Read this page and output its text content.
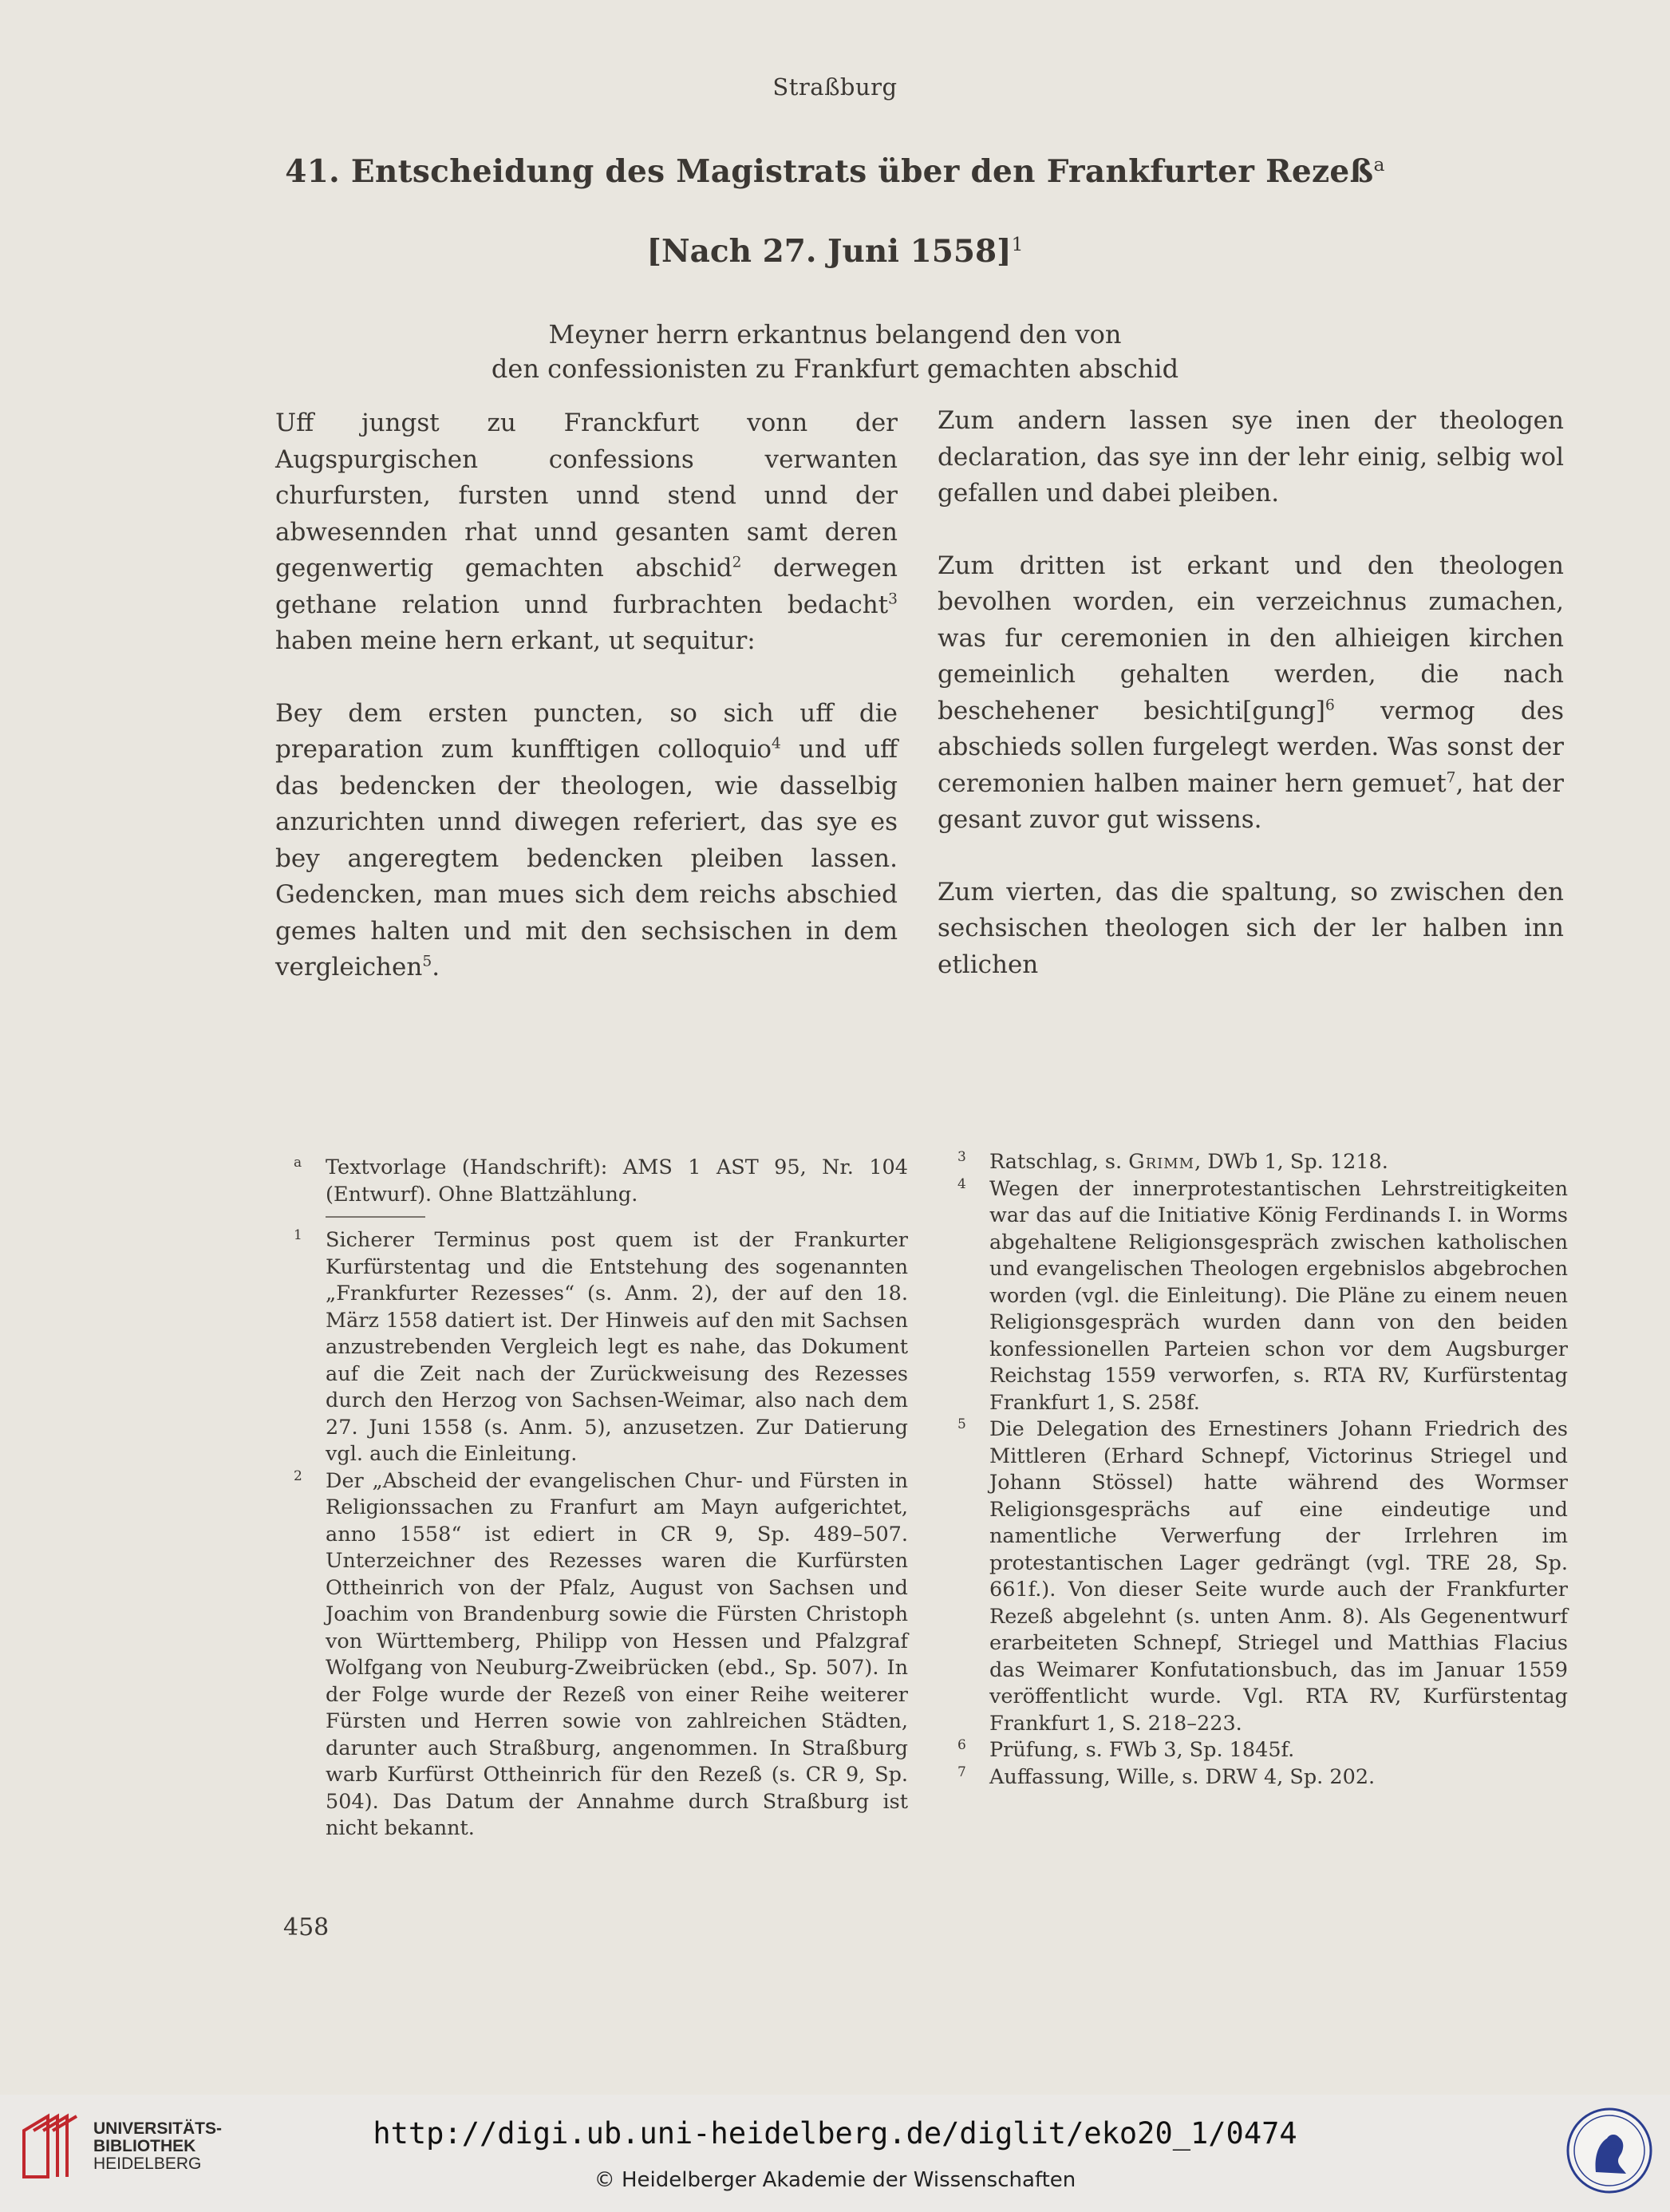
Straßburg
41. Entscheidung des Magistrats über den Frankfurter Rezeß$^a$
[Nach 27. Juni 1558]$^1$
Meyner herrn erkantnus belangend den von
den confessionisten zu Frankfurt gemachten abschid

Uff jungst zu Franckfurt vonn der Augspurgischen confessions verwanten churfursten, fursten unnd stend unnd der abwesennden rhat unnd gesanten samt deren gegenwertig gemachten abschid$^2$ derwegen gethane relation unnd furbrachten bedacht$^3$ haben meine hern erkant, ut sequitur:

Bey dem ersten puncten, so sich uff die preparation zum kunfftigen colloquio$^4$ und uff das bedencken der theologen, wie dasselbig anzurichten unnd diwegen referiert, das sye es bey angeregtem bedencken pleiben lassen. Gedencken, man mues sich dem reichs abschied gemes halten und mit den sechsischen in dem vergleichen$^5$.

Zum andern lassen sye inen der theologen declaration, das sye inn der lehr einig, selbig wol gefallen und dabei pleiben.

Zum dritten ist erkant und den theologen bevolhen worden, ein verzeichnus zumachen, was fur ceremonien in den alhieigen kirchen gemeinlich gehalten werden, die nach beschehener besichti[gung]$^6$ vermog des abschieds sollen furgelegt werden. Was sonst der ceremonien halben mainer hern gemuet$^7$, hat der gesant zuvor gut wissens.

Zum vierten, das die spaltung, so zwischen den sechsischen theologen sich der ler halben inn etlichen

a Textvorlage (Handschrift): AMS 1 AST 95, Nr. 104 (Entwurf). Ohne Blattzählung.
1 Sicherer Terminus post quem ist der Frankurter Kurfürstentag und die Entstehung des sogenannten „Frankfurter Rezesses“ (s. Anm. 2), der auf den 18. März 1558 datiert ist. Der Hinweis auf den mit Sachsen anzustrebenden Vergleich legt es nahe, das Dokument auf die Zeit nach der Zurückweisung des Rezesses durch den Herzog von Sachsen-Weimar, also nach dem 27. Juni 1558 (s. Anm. 5), anzusetzen. Zur Datierung vgl. auch die Einleitung.
2 Der „Abscheid der evangelischen Chur- und Fürsten in Religionssachen zu Franfurt am Mayn aufgerichtet, anno 1558“ ist ediert in CR 9, Sp. 489–507. Unterzeichner des Rezesses waren die Kurfürsten Ottheinrich von der Pfalz, August von Sachsen und Joachim von Brandenburg sowie die Fürsten Christoph von Württemberg, Philipp von Hessen und Pfalzgraf Wolfgang von Neuburg-Zweibrücken (ebd., Sp. 507). In der Folge wurde der Rezeß von einer Reihe weiterer Fürsten und Herren sowie von zahlreichen Städten, darunter auch Straßburg, angenommen. In Straßburg warb Kurfürst Ottheinrich für den Rezeß (s. CR 9, Sp. 504). Das Datum der Annahme durch Straßburg ist nicht bekannt.
3 Ratschlag, s. Grimm, DWb 1, Sp. 1218.
4 Wegen der innerprotestantischen Lehrstreitigkeiten war das auf die Initiative König Ferdinands I. in Worms abgehaltene Religionsgespräch zwischen katholischen und evangelischen Theologen ergebnislos abgebrochen worden (vgl. die Einleitung). Die Pläne zu einem neuen Religionsgespräch wurden dann von den beiden konfessionellen Parteien schon vor dem Augsburger Reichstag 1559 verworfen, s. RTA RV, Kurfürstentag Frankfurt 1, S. 258f.
5 Die Delegation des Ernestiners Johann Friedrich des Mittleren (Erhard Schnepf, Victorinus Striegel und Johann Stössel) hatte während des Wormser Religionsgesprächs auf eine eindeutige und namentliche Verwerfung der Irrlehren im protestantischen Lager gedrängt (vgl. TRE 28, Sp. 661f.). Von dieser Seite wurde auch der Frankfurter Rezeß abgelehnt (s. unten Anm. 8). Als Gegenentwurf erarbeiteten Schnepf, Striegel und Matthias Flacius das Weimarer Konfutationsbuch, das im Januar 1559 veröffentlicht wurde. Vgl. RTA RV, Kurfürstentag Frankfurt 1, S. 218–223.
6 Prüfung, s. FWb 3, Sp. 1845f.
7 Auffassung, Wille, s. DRW 4, Sp. 202.
458
UNIVERSITÄTS-
BIBLIOTHEK
HEIDELBERG
http://digi.ub.uni-heidelberg.de/diglit/eko20_1/0474
© Heidelberger Akademie der Wissenschaften
